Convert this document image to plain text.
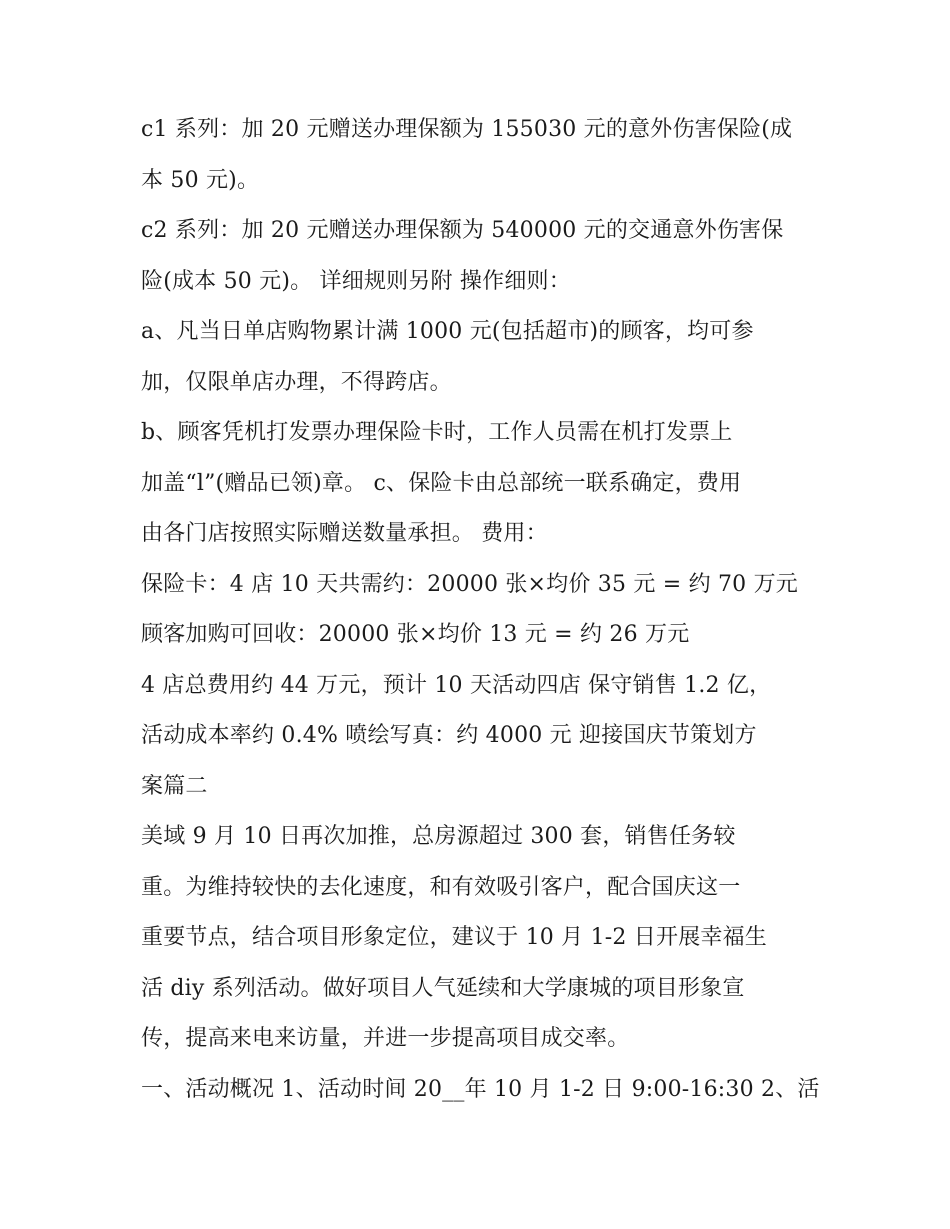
c1 系列：加 20 元赠送办理保额为 155030 元的意外伤害保险(成

本 50 元)。

c2 系列：加 20 元赠送办理保额为 540000 元的交通意外伤害保

险(成本 50 元)。 详细规则另附 操作细则：

a、凡当日单店购物累计满 1000 元(包括超市)的顾客，均可参

加，仅限单店办理，不得跨店。

b、顾客凭机打发票办理保险卡时，工作人员需在机打发票上

加盖“l”(赠品已领)章。 c、保险卡由总部统一联系确定，费用

由各门店按照实际赠送数量承担。 费用：

保险卡：4 店 10 天共需约：20000 张×均价 35 元 = 约 70 万元

顾客加购可回收：20000 张×均价 13 元 = 约 26 万元

4 店总费用约 44 万元，预计 10 天活动四店 保守销售 1.2 亿，

活动成本率约 0.4% 喷绘写真：约 4000 元 迎接国庆节策划方

案篇二

美域 9 月 10 日再次加推，总房源超过 300 套，销售任务较

重。为维持较快的去化速度，和有效吸引客户，配合国庆这一

重要节点，结合项目形象定位，建议于 10 月 1-2 日开展幸福生

活 diy 系列活动。做好项目人气延续和大学康城的项目形象宣

传，提高来电来访量，并进一步提高项目成交率。

一、活动概况 1、活动时间 20__年 10 月 1-2 日 9:00-16:30 2、活
